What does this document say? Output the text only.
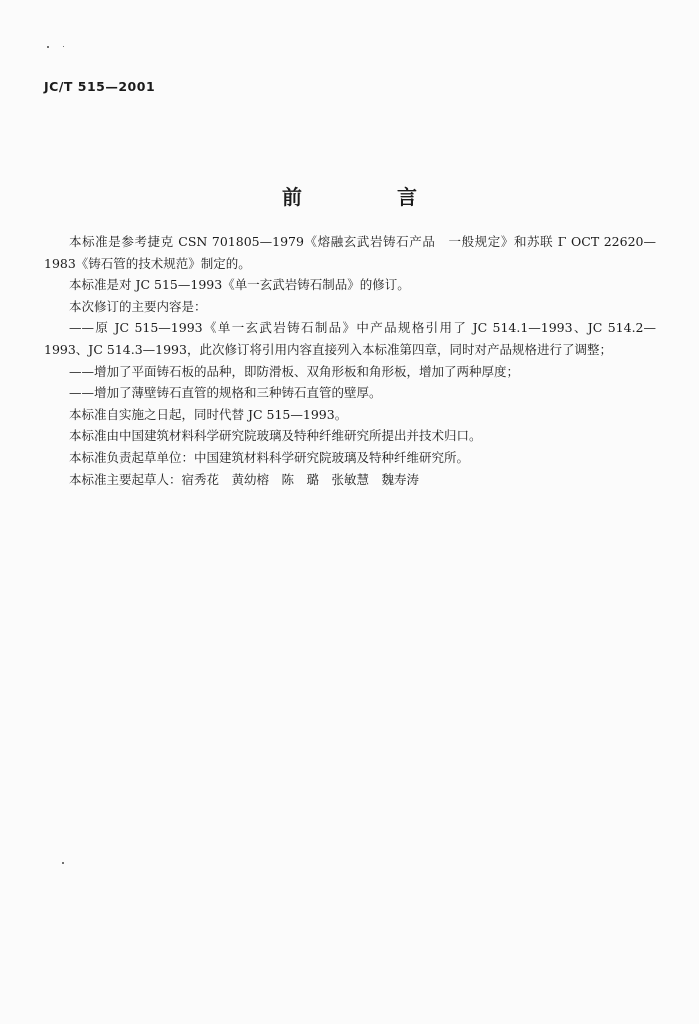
JC/T 515—2001
前 言

本标准是参考捷克 CSN 701805—1979《熔融玄武岩铸石产品　一般规定》和苏联 Γ OCT 22620—1983《铸石管的技术规范》制定的。

本标准是对 JC 515—1993《单一玄武岩铸石制品》的修订。

本次修订的主要内容是：

——原 JC 515—1993《单一玄武岩铸石制品》中产品规格引用了 JC 514.1—1993、JC 514.2—1993、JC 514.3—1993，此次修订将引用内容直接列入本标准第四章，同时对产品规格进行了调整；

——增加了平面铸石板的品种，即防滑板、双角形板和角形板，增加了两种厚度；

——增加了薄壁铸石直管的规格和三种铸石直管的壁厚。

本标准自实施之日起，同时代替 JC 515—1993。

本标准由中国建筑材料科学研究院玻璃及特种纤维研究所提出并技术归口。

本标准负责起草单位：中国建筑材料科学研究院玻璃及特种纤维研究所。

本标准主要起草人：宿秀花　黄幼榕　陈　璐　张敏慧　魏寿涛
